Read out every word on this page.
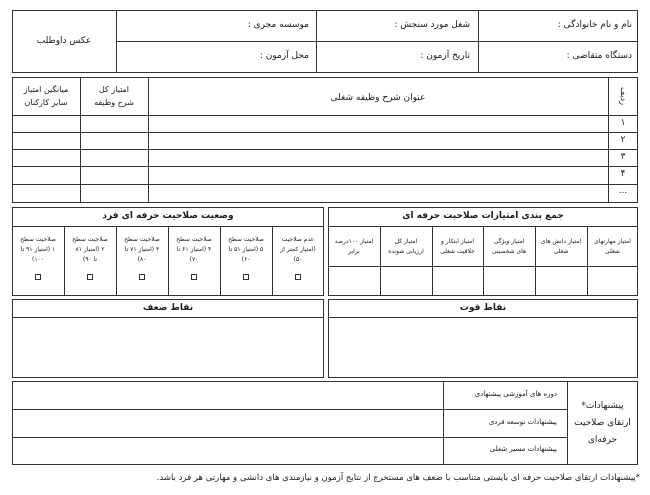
نام و نام خانوادگی :
شغل مورد سنجش :
موسسه مجری :
دستگاه متقاضی :
تاریخ آزمون :
محل آزمون :
عکس داوطلب
ردیف
عنوان شرح وظیفه شغلی
امتیاز کل
شرح وظیفه
میانگین امتیاز
سایر کارکنان
۱
۲
۳
۴
...
جمع بندی امتیازات صلاحیت حرفه ای
امتیاز مهارتهای
شغلی
امتیاز دانش های
شغلی
امتیاز ویژگی
های شخصیتی
امتیاز ابتکار و
خلاقیت شغلی
امتیاز کل
ارزیابی شونده
امتیاز ۱۰۰درصد
برابر
وضعیت صلاحیت حرفه ای فرد
عدم صلاحیت
(امتیاز کمتر از
۵۰)
صلاحیت سطح
۵ (امتیاز ۵۱ تا
۶۰)
صلاحیت سطح
۴ (امتیاز ۶۱ تا
۷۰)
صلاحیت سطح
۳ (امتیاز ۷۱ تا
۸۰)
صلاحیت سطح
۲ (امتیاز ۸۱
تا ۹۰)
صلاحیت سطح
۱ (امتیاز ۹۱ تا
۱۰۰)
نقاط قوت
نقاط ضعف
پیشنهادات*
ارتقای صلاحیت
حرفه‌ای
دوره های آموزشی پیشنهادی
پیشنهادات توسعه فردی
پیشنهادات مسیر شغلی
*پیشنهادات ارتقای صلاحیت حرفه ای بایستی متناسب با ضعف های مستخرج از نتایج آزمون و نیازمندی های دانشی و مهارتی هر فرد باشد.
